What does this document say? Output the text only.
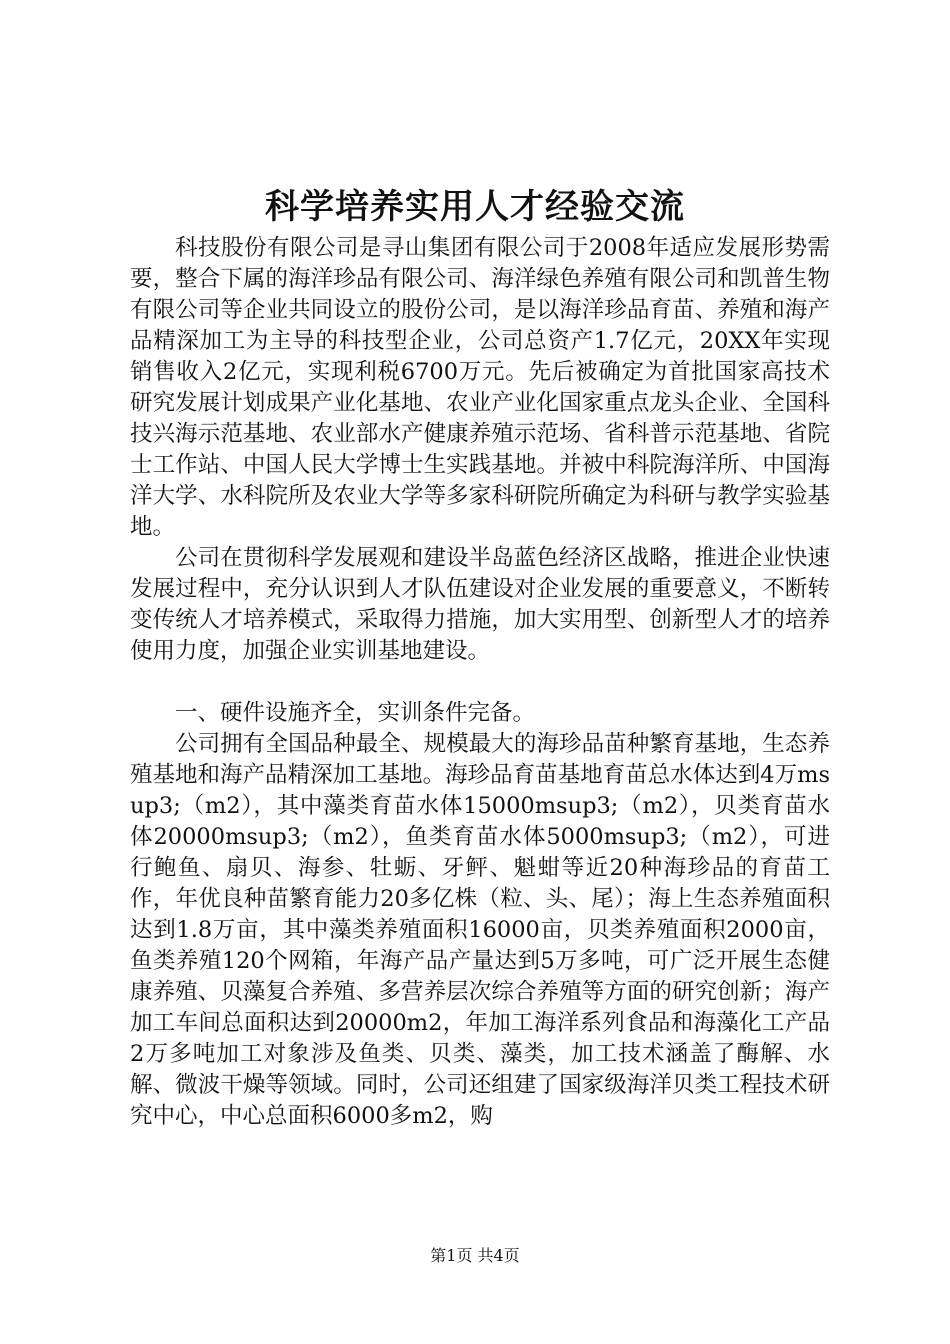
科学培养实用人才经验交流

科技股份有限公司是寻山集团有限公司于2008年适应发展形势需要，整合下属的海洋珍品有限公司、海洋绿色养殖有限公司和凯普生物有限公司等企业共同设立的股份公司，是以海洋珍品育苗、养殖和海产品精深加工为主导的科技型企业，公司总资产1.7亿元，20XX年实现销售收入2亿元，实现利税6700万元。先后被确定为首批国家高技术研究发展计划成果产业化基地、农业产业化国家重点龙头企业、全国科技兴海示范基地、农业部水产健康养殖示范场、省科普示范基地、省院士工作站、中国人民大学博士生实践基地。并被中科院海洋所、中国海洋大学、水科院所及农业大学等多家科研院所确定为科研与教学实验基地。

公司在贯彻科学发展观和建设半岛蓝色经济区战略，推进企业快速发展过程中，充分认识到人才队伍建设对企业发展的重要意义，不断转变传统人才培养模式，采取得力措施，加大实用型、创新型人才的培养使用力度，加强企业实训基地建设。

一、硬件设施齐全，实训条件完备。

公司拥有全国品种最全、规模最大的海珍品苗种繁育基地，生态养殖基地和海产品精深加工基地。海珍品育苗基地育苗总水体达到4万msup3;（m2），其中藻类育苗水体15000msup3;（m2），贝类育苗水体20000msup3;（m2），鱼类育苗水体5000msup3;（m2），可进行鲍鱼、扇贝、海参、牡蛎、牙鲆、魁蚶等近20种海珍品的育苗工作，年优良种苗繁育能力20多亿株（粒、头、尾）；海上生态养殖面积达到1.8万亩，其中藻类养殖面积16000亩，贝类养殖面积2000亩，鱼类养殖120个网箱，年海产品产量达到5万多吨，可广泛开展生态健康养殖、贝藻复合养殖、多营养层次综合养殖等方面的研究创新；海产加工车间总面积达到20000m2，年加工海洋系列食品和海藻化工产品2万多吨加工对象涉及鱼类、贝类、藻类，加工技术涵盖了酶解、水解、微波干燥等领域。同时，公司还组建了国家级海洋贝类工程技术研究中心，中心总面积6000多m2，购

第1页 共4页
